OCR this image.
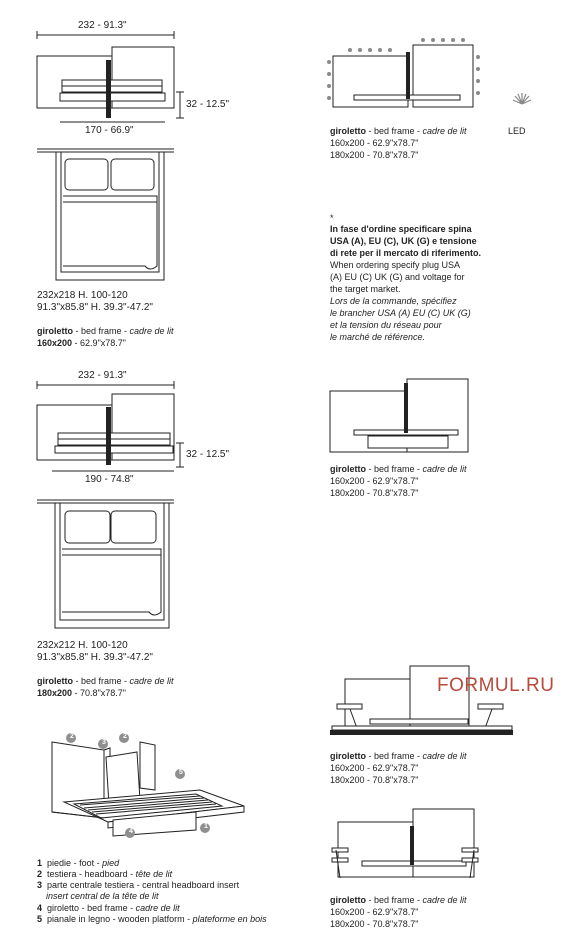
2
3
2
5
4
1
232 - 91.3"
32 - 12.5"
170 - 66.9"
232x218 H. 100-120
91.3"x85.8" H. 39.3"-47.2"
giroletto - bed frame - cadre de lit
160x200 - 62.9"x78.7"
232 - 91.3"
32 - 12.5"
190 - 74.8"
232x212 H. 100-120
91.3"x85.8" H. 39.3"-47.2"
giroletto - bed frame - cadre de lit
180x200 - 70.8"x78.7"
1 piedie - foot - pied
2 testiera - headboard - tête de lit
3 parte centrale testiera - central headboard insert
insert central de la tête de lit
4 giroletto - bed frame - cadre de lit
5 pianale in legno - wooden platform - plateforme en bois
LED
giroletto - bed frame - cadre de lit
160x200 - 62.9"x78.7"
180x200 - 70.8"x78.7"
*
In fase d'ordine specificare spina
USA (A), EU (C), UK (G) e tensione
di rete per il mercato di riferimento.
When ordering specify plug USA
(A) EU (C) UK (G) and voltage for
the target market.
Lors de la commande, spécifiez
le brancher USA (A) EU (C) UK (G)
et la tension du réseau pour
le marché de référence.
giroletto - bed frame - cadre de lit
160x200 - 62.9"x78.7"
180x200 - 70.8"x78.7"
FORMUL.RU
giroletto - bed frame - cadre de lit
160x200 - 62.9"x78.7"
180x200 - 70.8"x78.7"
giroletto - bed frame - cadre de lit
160x200 - 62.9"x78.7"
180x200 - 70.8"x78.7"
